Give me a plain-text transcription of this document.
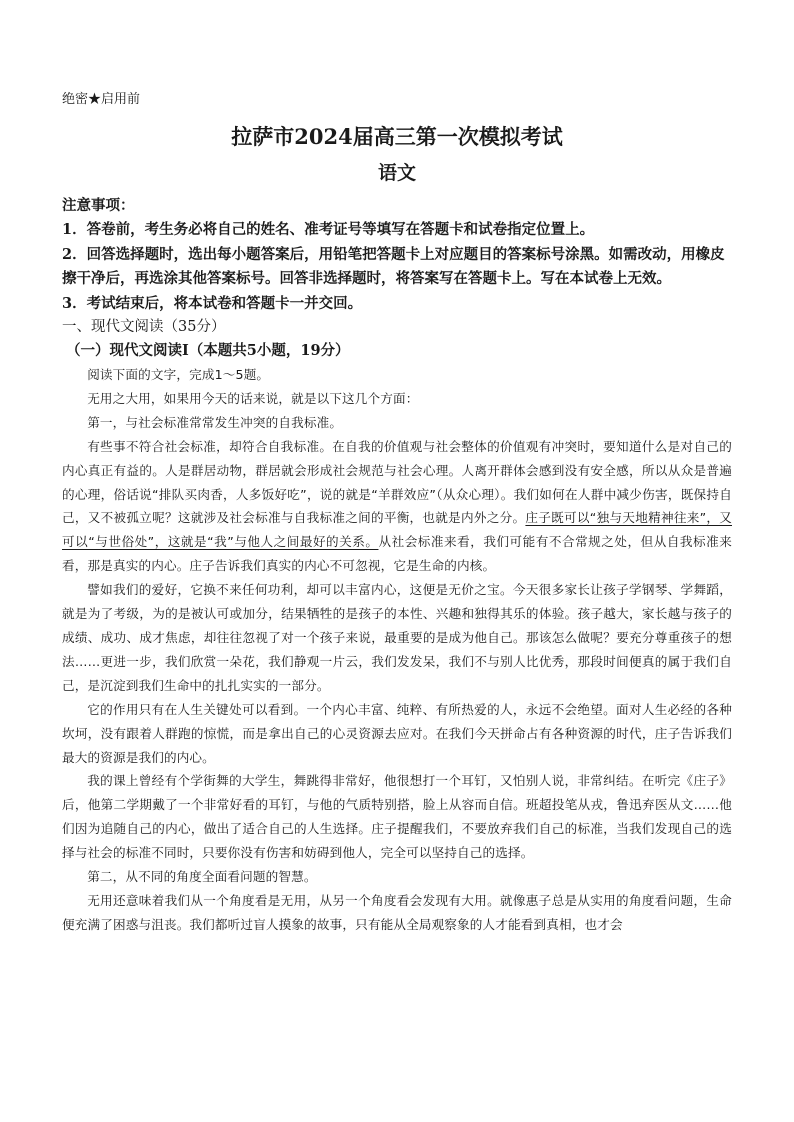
绝密★启用前

拉萨市2024届高三第一次模拟考试
语文

注意事项：

1．答卷前，考生务必将自己的姓名、准考证号等填写在答题卡和试卷指定位置上。

2．回答选择题时，选出每小题答案后，用铅笔把答题卡上对应题目的答案标号涂黑。如需改动，用橡皮擦干净后，再选涂其他答案标号。回答非选择题时，将答案写在答题卡上。写在本试卷上无效。

3．考试结束后，将本试卷和答题卡一并交回。

一、现代文阅读（35分）

（一）现代文阅读Ⅰ（本题共5小题，19分）

阅读下面的文字，完成1～5题。

无用之大用，如果用今天的话来说，就是以下这几个方面：

第一，与社会标准常常发生冲突的自我标准。

有些事不符合社会标准，却符合自我标准。在自我的价值观与社会整体的价值观有冲突时，要知道什么是对自己的内心真正有益的。人是群居动物，群居就会形成社会规范与社会心理。人离开群体会感到没有安全感，所以从众是普遍的心理，俗话说“排队买肉香，人多饭好吃”，说的就是“羊群效应”（从众心理）。我们如何在人群中减少伤害，既保持自己，又不被孤立呢？这就涉及社会标准与自我标准之间的平衡，也就是内外之分。庄子既可以“独与天地精神往来”，又可以“与世俗处”，这就是“我”与他人之间最好的关系。从社会标准来看，我们可能有不合常规之处，但从自我标准来看，那是真实的内心。庄子告诉我们真实的内心不可忽视，它是生命的内核。

譬如我们的爱好，它换不来任何功利，却可以丰富内心，这便是无价之宝。今天很多家长让孩子学钢琴、学舞蹈，就是为了考级，为的是被认可或加分，结果牺牲的是孩子的本性、兴趣和独得其乐的体验。孩子越大，家长越与孩子的成绩、成功、成才焦虑，却往往忽视了对一个孩子来说，最重要的是成为他自己。那该怎么做呢？要充分尊重孩子的想法……更进一步，我们欣赏一朵花，我们静观一片云，我们发发呆，我们不与别人比优秀，那段时间便真的属于我们自己，是沉淀到我们生命中的扎扎实实的一部分。

它的作用只有在人生关键处可以看到。一个内心丰富、纯粹、有所热爱的人，永远不会绝望。面对人生必经的各种坎坷，没有跟着人群跑的惊慌，而是拿出自己的心灵资源去应对。在我们今天拼命占有各种资源的时代，庄子告诉我们最大的资源是我们的内心。

我的课上曾经有个学街舞的大学生，舞跳得非常好，他很想打一个耳钉，又怕别人说，非常纠结。在听完《庄子》后，他第二学期戴了一个非常好看的耳钉，与他的气质特别搭，脸上从容而自信。班超投笔从戎，鲁迅弃医从文……他们因为追随自己的内心，做出了适合自己的人生选择。庄子提醒我们，不要放弃我们自己的标准，当我们发现自己的选择与社会的标准不同时，只要你没有伤害和妨碍到他人，完全可以坚持自己的选择。

第二，从不同的角度全面看问题的智慧。

无用还意味着我们从一个角度看是无用，从另一个角度看会发现有大用。就像惠子总是从实用的角度看问题，生命便充满了困惑与沮丧。我们都听过盲人摸象的故事，只有能从全局观察象的人才能看到真相，也才会
